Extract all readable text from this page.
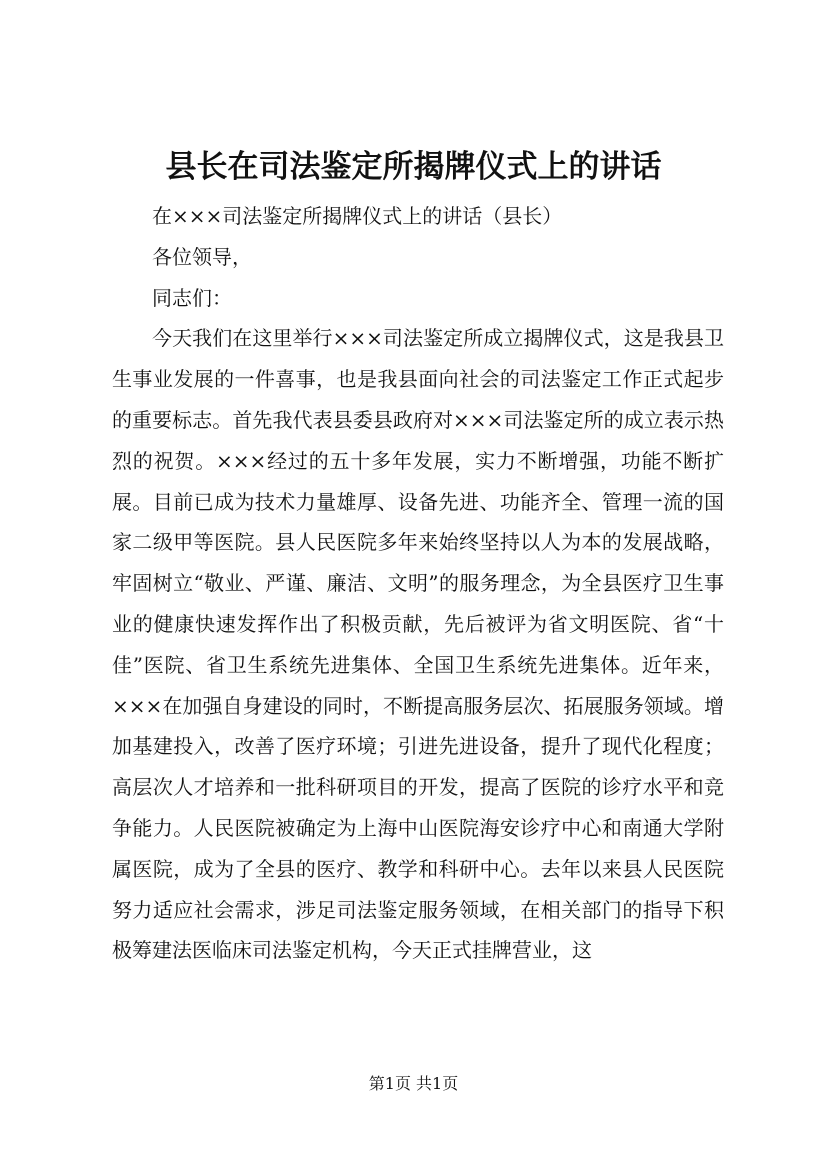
县长在司法鉴定所揭牌仪式上的讲话

在×××司法鉴定所揭牌仪式上的讲话（县长）

各位领导，

同志们：

今天我们在这里举行×××司法鉴定所成立揭牌仪式，这是我县卫生事业发展的一件喜事，也是我县面向社会的司法鉴定工作正式起步的重要标志。首先我代表县委县政府对×××司法鉴定所的成立表示热烈的祝贺。×××经过的五十多年发展，实力不断增强，功能不断扩展。目前已成为技术力量雄厚、设备先进、功能齐全、管理一流的国家二级甲等医院。县人民医院多年来始终坚持以人为本的发展战略，牢固树立“敬业、严谨、廉洁、文明”的服务理念，为全县医疗卫生事业的健康快速发挥作出了积极贡献，先后被评为省文明医院、省“十佳”医院、省卫生系统先进集体、全国卫生系统先进集体。近年来，×××在加强自身建设的同时，不断提高服务层次、拓展服务领域。增加基建投入，改善了医疗环境；引进先进设备，提升了现代化程度；高层次人才培养和一批科研项目的开发，提高了医院的诊疗水平和竞争能力。人民医院被确定为上海中山医院海安诊疗中心和南通大学附属医院，成为了全县的医疗、教学和科研中心。去年以来县人民医院努力适应社会需求，涉足司法鉴定服务领域，在相关部门的指导下积极筹建法医临床司法鉴定机构，今天正式挂牌营业，这

第1页 共1页
